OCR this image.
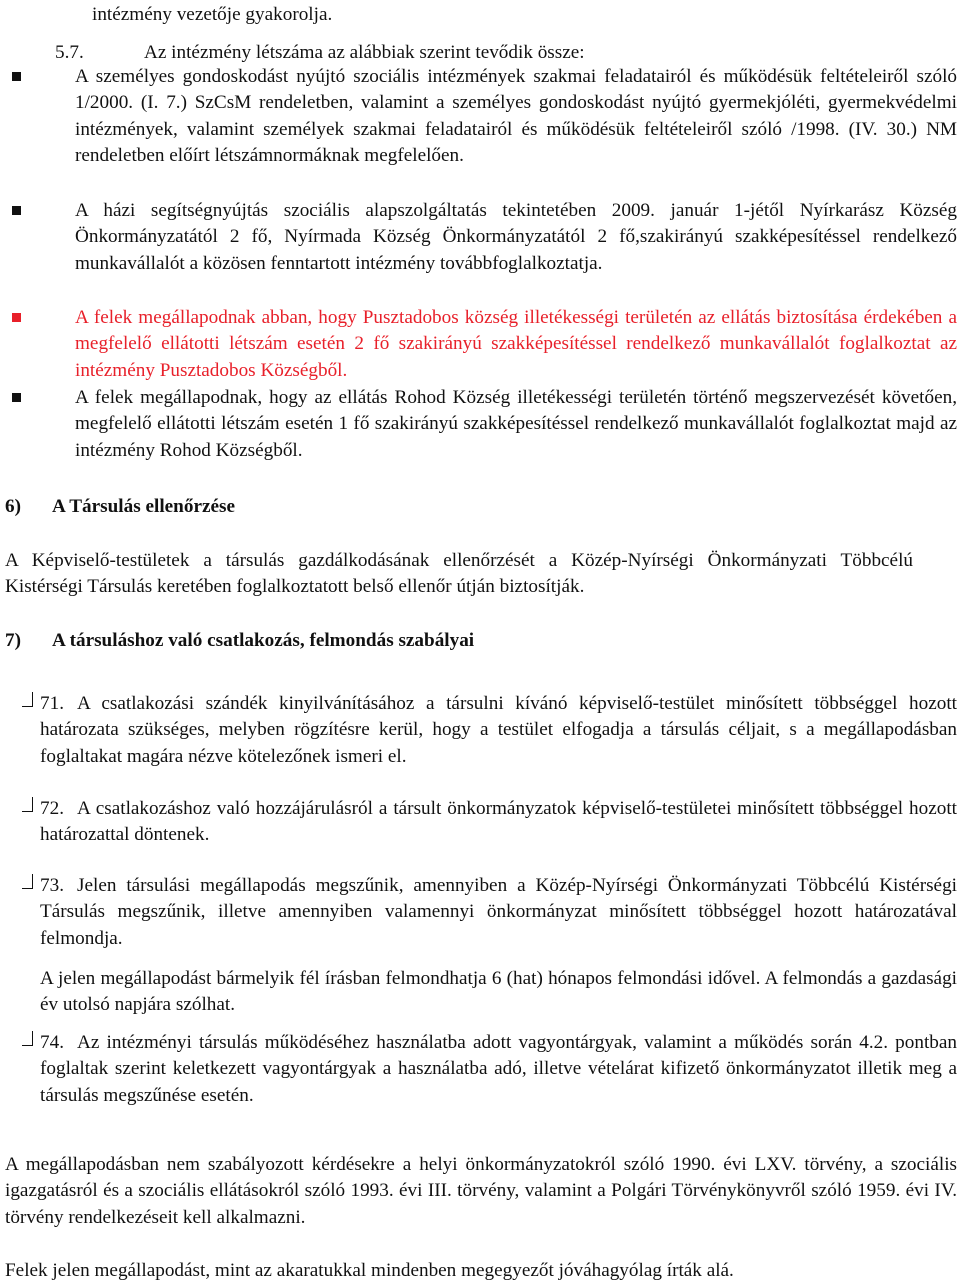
intézmény vezetője gyakorolja.
5.7.	Az intézmény létszáma az alábbiak szerint tevődik össze:
A személyes gondoskodást nyújtó szociális intézmények szakmai feladatairól és működésük feltételeiről szóló 1/2000. (I. 7.) SzCsM rendeletben, valamint a személyes gondoskodást nyújtó gyermekjóléti, gyermekvédelmi intézmények, valamint személyek szakmai feladatairól és működésük feltételeiről szóló /1998. (IV. 30.) NM rendeletben előírt létszámnormáknak megfelelően.
A házi segítségnyújtás szociális alapszolgáltatás tekintetében 2009. január 1-jétől Nyírkarász Község Önkormányzatától 2 fő, Nyírmada Község Önkormányzatától 2 fő,szakirányú szakképesítéssel rendelkező munkavállalót a közösen fenntartott intézmény továbbfoglalkoztatja.
A felek megállapodnak abban, hogy Pusztadobos község illetékességi területén az ellátás biztosítása érdekében a megfelelő ellátotti létszám esetén 2 fő szakirányú szakképesítéssel rendelkező munkavállalót foglalkoztat az intézmény Pusztadobos Községből.
A felek megállapodnak, hogy az ellátás Rohod Község illetékességi területén történő megszervezését követően, megfelelő ellátotti létszám esetén 1 fő szakirányú szakképesítéssel rendelkező munkavállalót foglalkoztat majd az intézmény Rohod Községből.
6) A Társulás ellenőrzése
A Képviselő-testületek a társulás gazdálkodásának ellenőrzését a Közép-Nyírségi Önkormányzati Többcélú Kistérségi Társulás keretében foglalkoztatott belső ellenőr útján biztosítják.
7) A társuláshoz való csatlakozás, felmondás szabályai
71. A csatlakozási szándék kinyilvánításához a társulni kívánó képviselő-testület minősített többséggel hozott határozata szükséges, melyben rögzítésre kerül, hogy a testület elfogadja a társulás céljait, s a megállapodásban foglaltakat magára nézve kötelezőnek ismeri el.
72. A csatlakozáshoz való hozzájárulásról a társult önkormányzatok képviselő-testületei minősített többséggel hozott határozattal döntenek.
73. Jelen társulási megállapodás megszűnik, amennyiben a Közép-Nyírségi Önkormányzati Többcélú Kistérségi Társulás megszűnik, illetve amennyiben valamennyi önkormányzat minősített többséggel hozott határozatával felmondja.
A jelen megállapodást bármelyik fél írásban felmondhatja 6 (hat) hónapos felmondási idővel. A felmondás a gazdasági év utolsó napjára szólhat.
74. Az intézményi társulás működéséhez használatba adott vagyontárgyak, valamint a működés során 4.2. pontban foglaltak szerint keletkezett vagyontárgyak a használatba adó, illetve vételárat kifizető önkormányzatot illetik meg a társulás megszűnése esetén.
A megállapodásban nem szabályozott kérdésekre a helyi önkormányzatokról szóló 1990. évi LXV. törvény, a szociális igazgatásról és a szociális ellátásokról szóló 1993. évi III. törvény, valamint a Polgári Törvénykönyvről szóló 1959. évi IV. törvény rendelkezéseit kell alkalmazni.
Felek jelen megállapodást, mint az akaratukkal mindenben megegyezőt jóváhagyólag írták alá.
